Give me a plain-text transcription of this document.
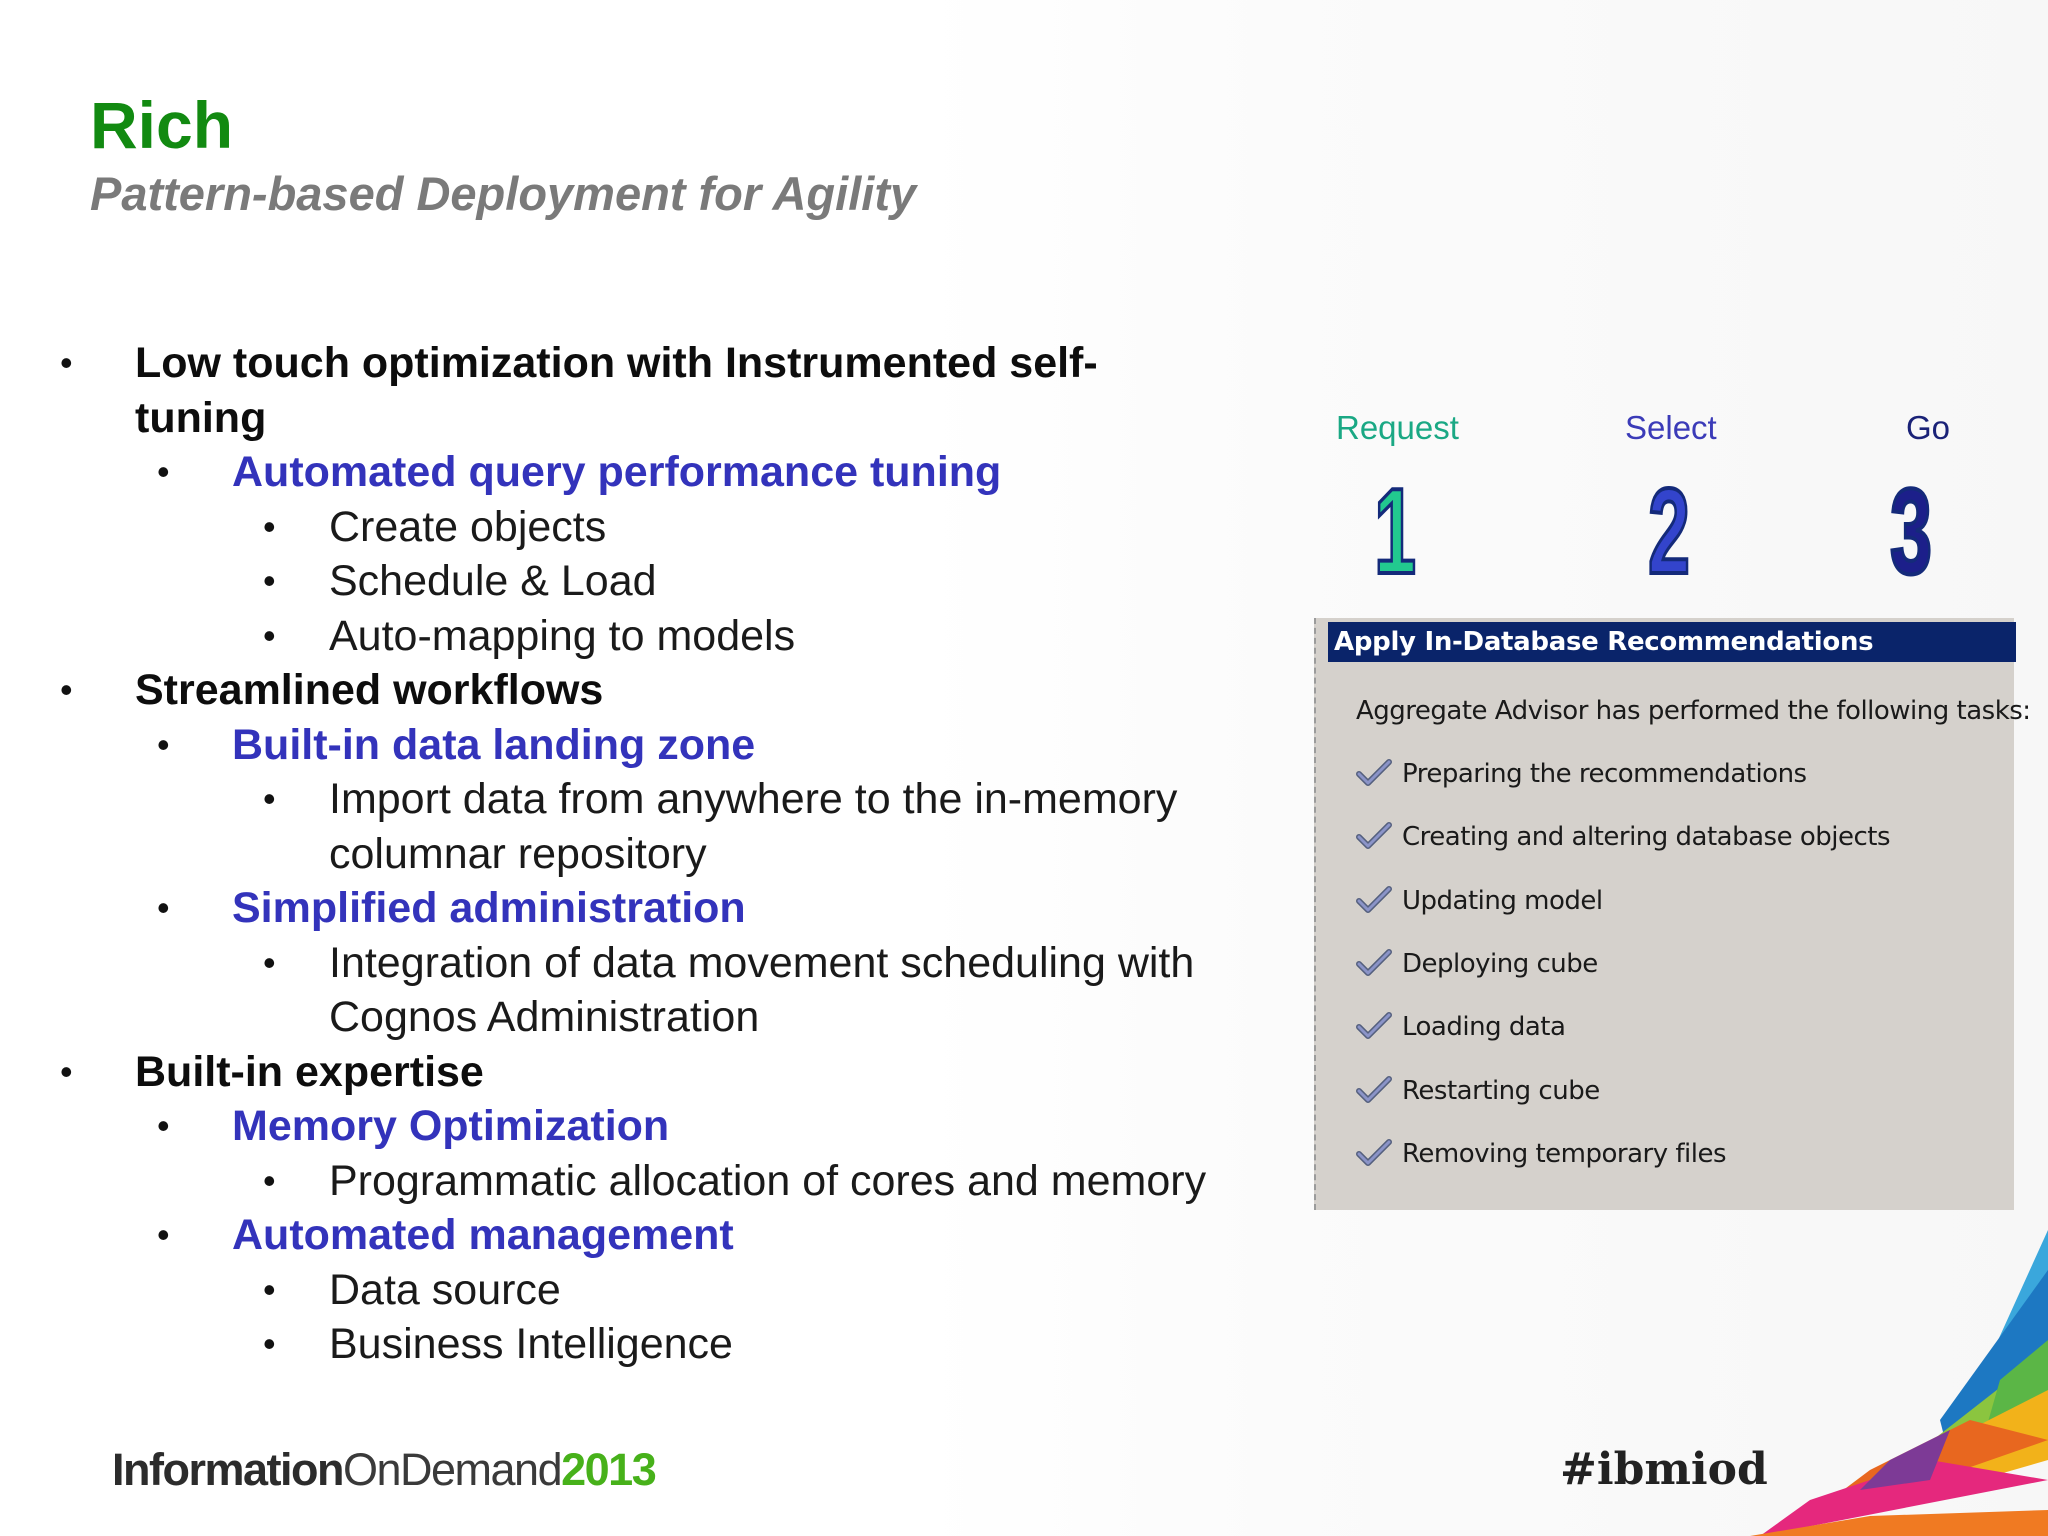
Rich
Pattern-based Deployment for Agility
• Low touch optimization with Instrumented self-
tuning
• Automated query performance tuning
• Create objects
• Schedule & Load
• Auto-mapping to models
• Streamlined workflows
• Built-in data landing zone
• Import data from anywhere to the in-memory
columnar repository
• Simplified administration
• Integration of data movement scheduling with
Cognos Administration
• Built-in expertise
• Memory Optimization
• Programmatic allocation of cores and memory
• Automated management
• Data source
• Business Intelligence
Request	Select	Go
1 2 3
Apply In-Database Recommendations
Aggregate Advisor has performed the following tasks:
Preparing the recommendations
Creating and altering database objects
Updating model
Deploying cube
Loading data
Restarting cube
Removing temporary files
InformationOnDemand2013	#ibmiod
